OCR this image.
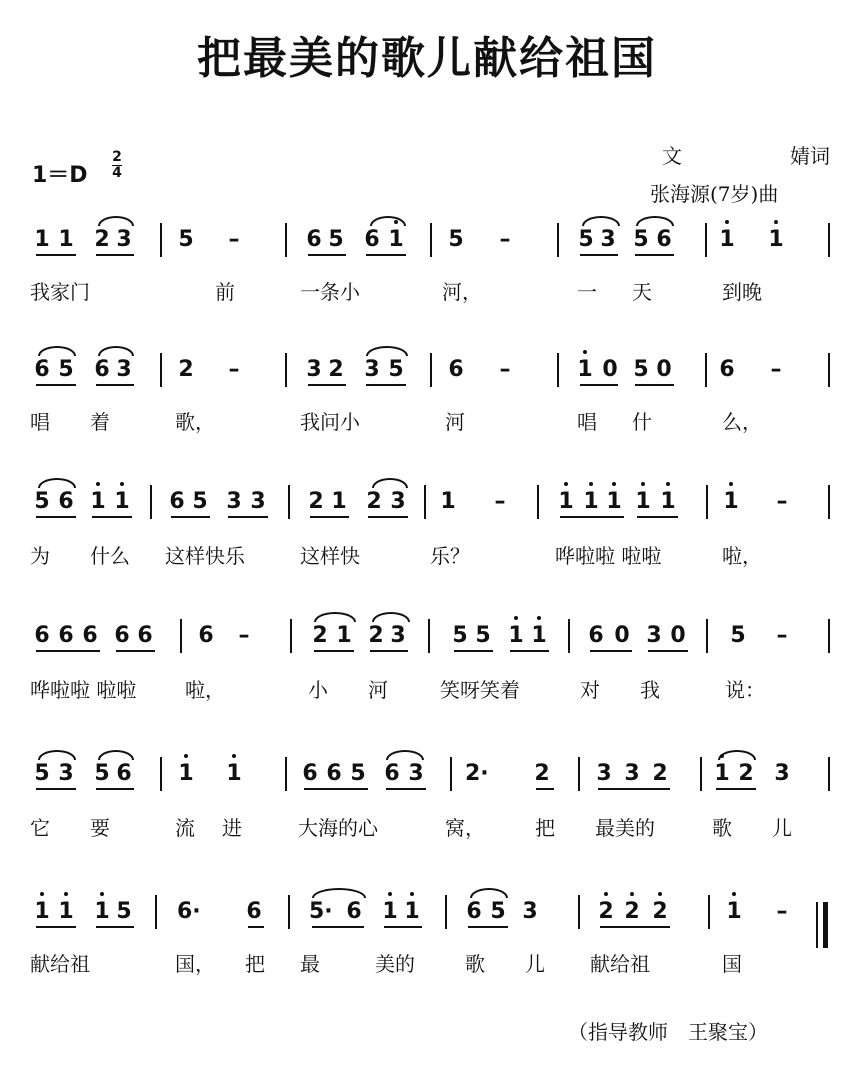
把最美的歌儿献给祖国
1＝D
2
4
文	婧词
张海源(7岁)曲
1 1 2 3 5 –	6 5 6 1 5 –	5 3 5 6 1 1
我家门	前	一条小	河，	一 天	到晚
6 5 6 3 2 –	3 2 3 5 6 –	1 0 5 0 6 –
唱 着	歌，	我问小	河	唱 什	么，
5 6 1 1 6 5 3 3 2 1 2 3 1 – 1 1 1 1 1 1 –
为 什么 这样快乐	这样快	乐？	哗啦啦 啦啦	啦，
6 6 6 6 6 6 –	2 1 2 3 5 5 1 1 6 0 3 0 5 –
哗啦啦 啦啦 啦，	小 河	笑呀笑着	对 我	说：
5 3 5 6 1 1	6 6 5 6 3 2· 2 3 3 2 1 2 3
它 要	流 进	大海的心	窝，	把 最美的	歌 儿
1 1 1 5 6· 6 5· 6 1 1 6 5 3	2 2 2	1 –
献给祖	国， 把 最	美的	歌 儿 献给祖	国
（指导教师　王聚宝）
